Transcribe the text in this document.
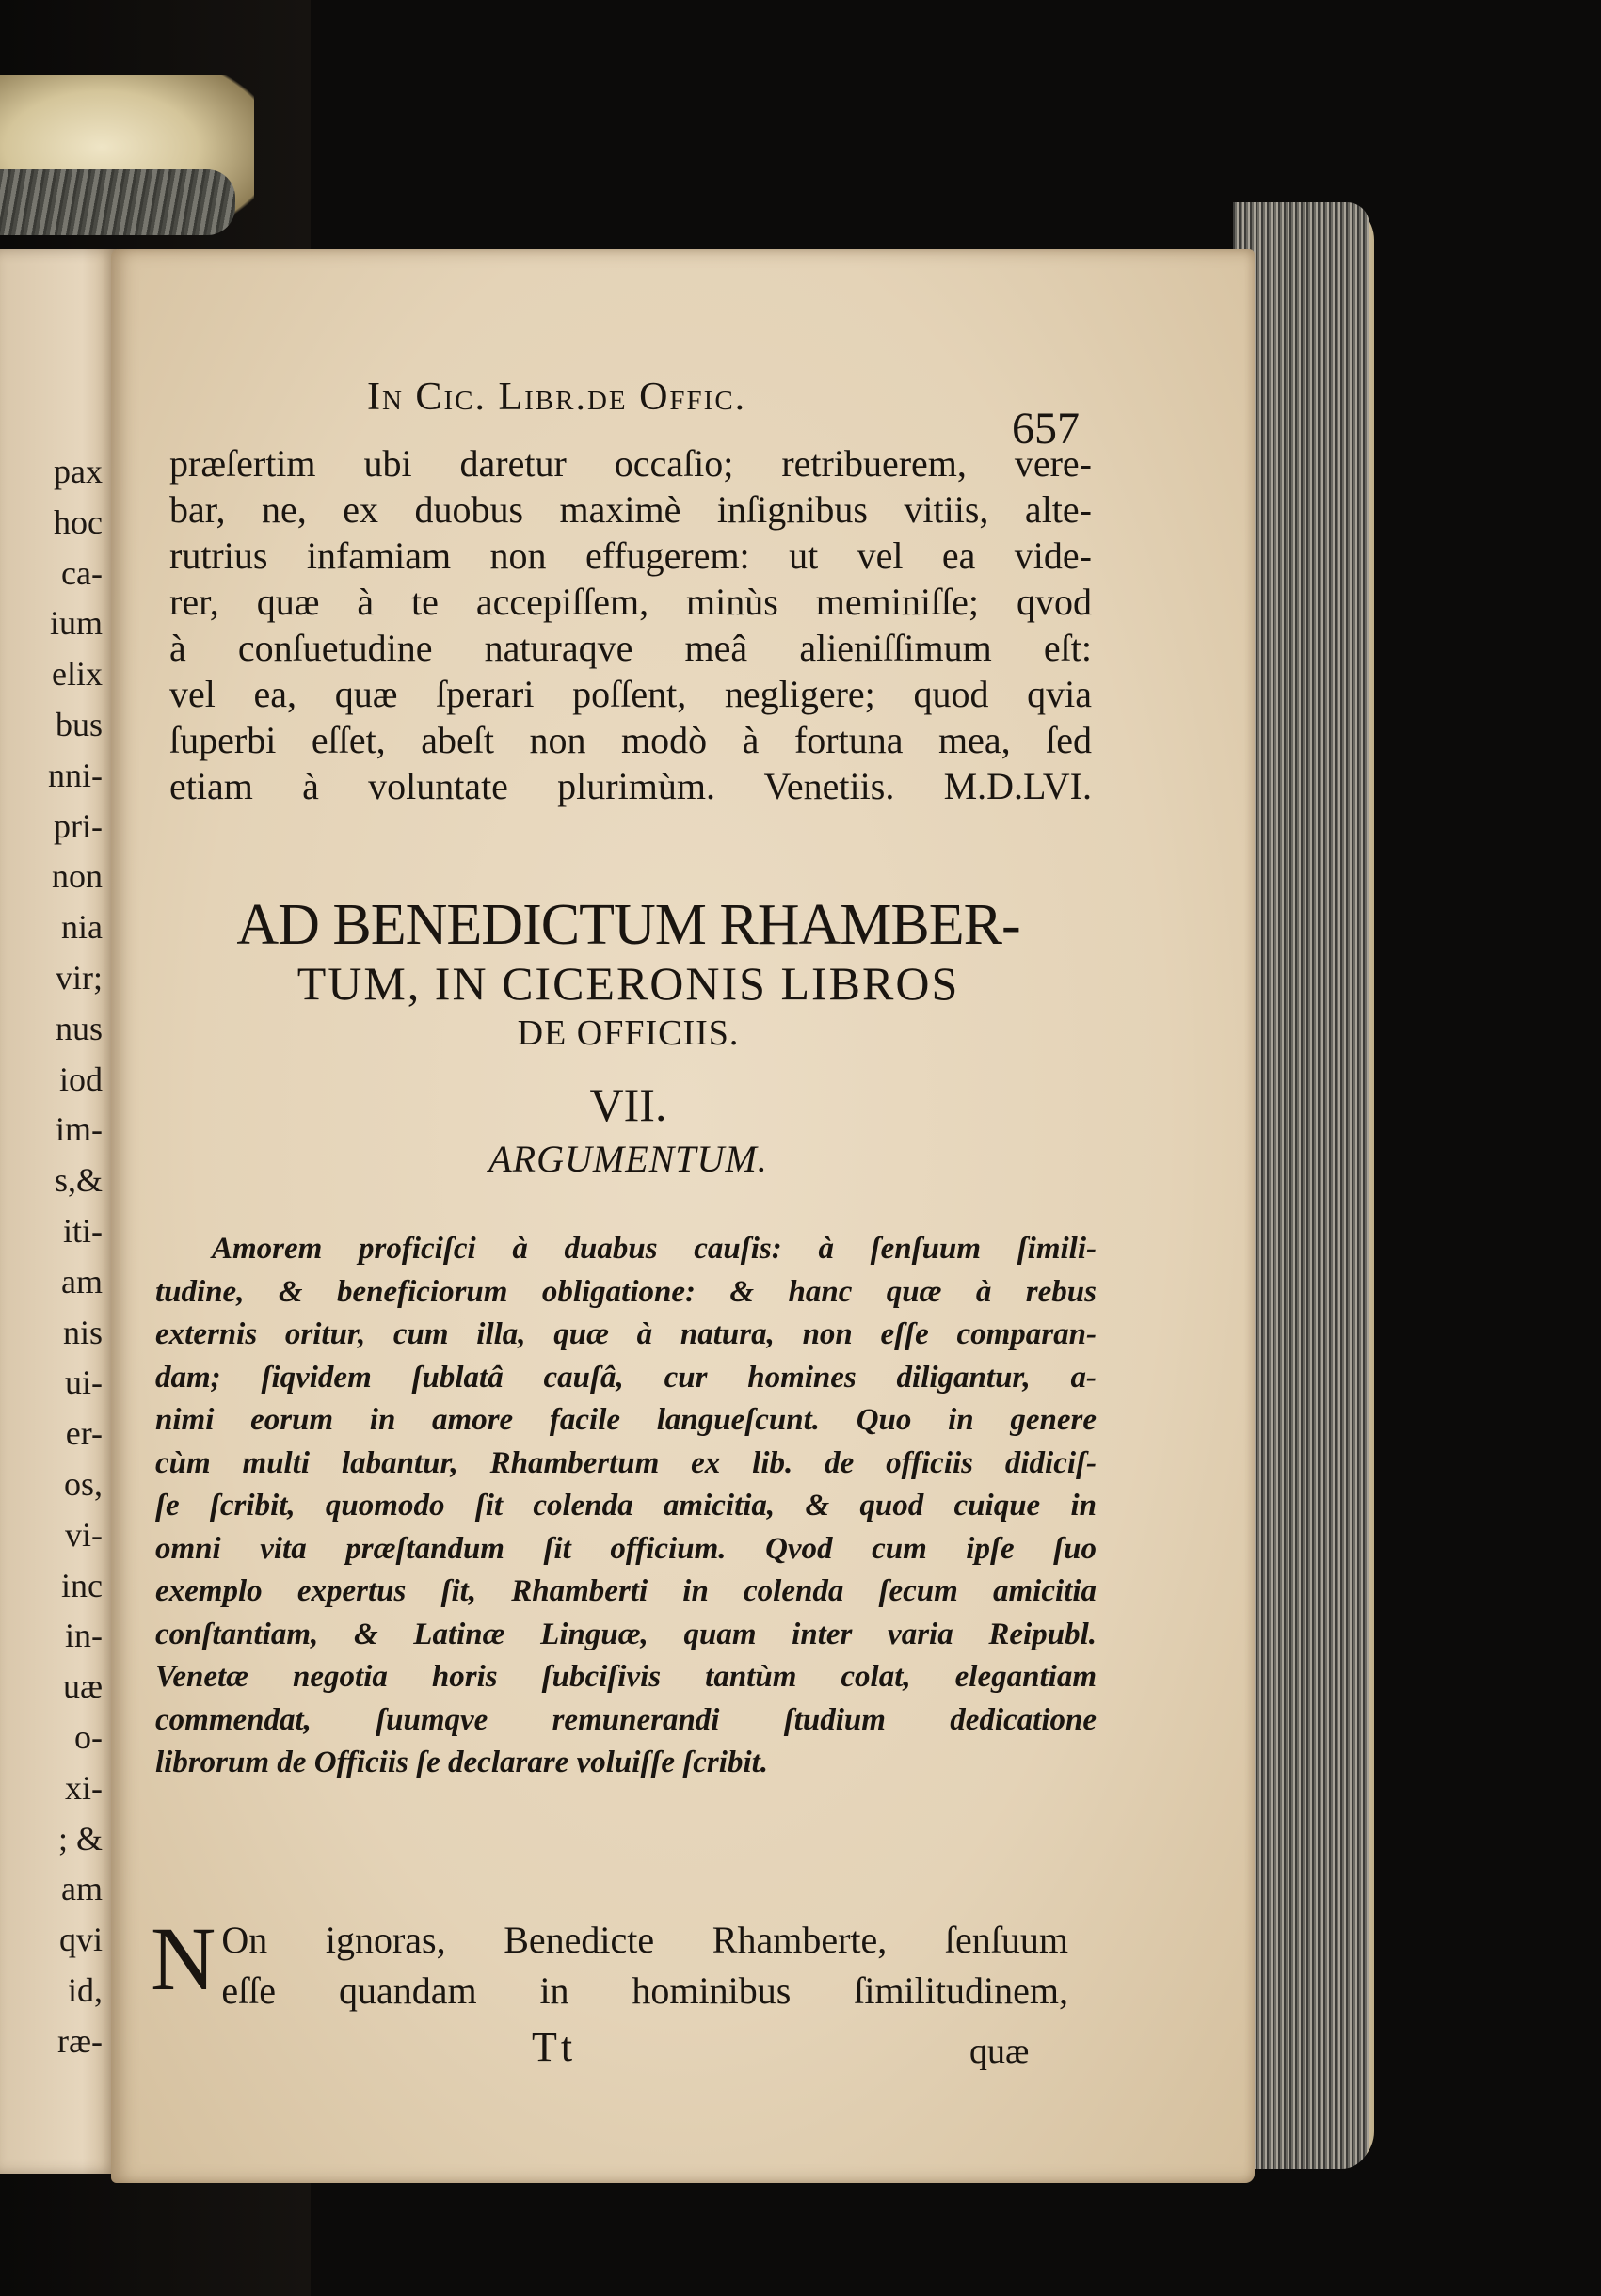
pax
hoc
ca-
ium
elix
bus
nni-
pri-
non
nia
vir;
nus
iod
im-
s,&
iti-
am
nis
ui-
er-
os,
vi-
inc
in-
uæ
o-
xi-
; &
am
qvi
id,
ræ-
In Cic. Libr.de Offic.
657
præſertim ubi daretur occaſio; retribuerem, vere-
bar, ne, ex duobus maximè inſignibus vitiis, alte-
rutrius infamiam non effugerem: ut vel ea vide-
rer, quæ à te accepiſſem, minùs meminiſſe; qvod
à conſuetudine naturaqve meâ alieniſſimum eſt:
vel ea, quæ ſperari poſſent, negligere; quod qvia
ſuperbi eſſet, abeſt non modò à fortuna mea, ſed
etiam à voluntate plurimùm. Venetiis. M.D.LVI.
AD BENEDICTUM RHAMBER-
TUM, IN CICERONIS LIBROS
DE OFFICIIS.
VII.
ARGUMENTUM.
Amorem proficiſci à duabus cauſis: à ſenſuum ſimili-
tudine, & beneficiorum obligatione: & hanc quæ à rebus
externis oritur, cum illa, quæ à natura, non eſſe comparan-
dam; ſiqvidem ſublatâ cauſâ, cur homines diligantur, a-
nimi eorum in amore facile langueſcunt. Quo in genere
cùm multi labantur, Rhambertum ex lib. de officiis didiciſ-
ſe ſcribit, quomodo ſit colenda amicitia, & quod cuique in
omni vita præſtandum ſit officium. Qvod cum ipſe ſuo
exemplo expertus ſit, Rhamberti in colenda ſecum amicitia
conſtantiam, & Latinæ Linguæ, quam inter varia Reipubl.
Venetæ negotia horis ſubciſivis tantùm colat, elegantiam
commendat, ſuumqve remunerandi ſtudium dedicatione
librorum de Officiis ſe declarare voluiſſe ſcribit.
N On ignoras, Benedicte Rhamberte, ſenſuum
eſſe quandam in hominibus ſimilitudinem,
Tt	quæ
